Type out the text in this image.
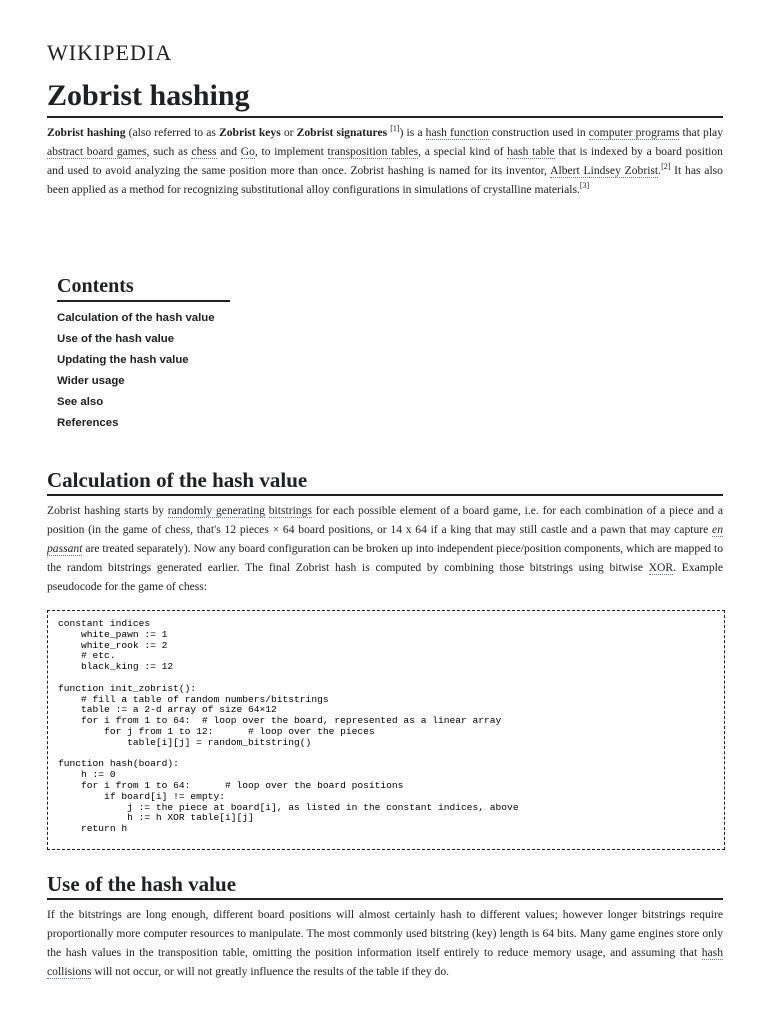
WIKIPEDIA
Zobrist hashing

Zobrist hashing (also referred to as Zobrist keys or Zobrist signatures [1]) is a hash function construction used in computer programs that play abstract board games, such as chess and Go, to implement transposition tables, a special kind of hash table that is indexed by a board position and used to avoid analyzing the same position more than once. Zobrist hashing is named for its inventor, Albert Lindsey Zobrist.[2] It has also been applied as a method for recognizing substitutional alloy configurations in simulations of crystalline materials.[3]

Contents
Calculation of the hash value
Use of the hash value
Updating the hash value
Wider usage
See also
References
Calculation of the hash value

Zobrist hashing starts by randomly generating bitstrings for each possible element of a board game, i.e. for each combination of a piece and a position (in the game of chess, that's 12 pieces × 64 board positions, or 14 x 64 if a king that may still castle and a pawn that may capture en passant are treated separately). Now any board configuration can be broken up into independent piece/position components, which are mapped to the random bitstrings generated earlier. The final Zobrist hash is computed by combining those bitstrings using bitwise XOR. Example pseudocode for the game of chess:

constant indices
white_pawn := 1
white_rook := 2
# etc.
black_king := 12

function init_zobrist():
# fill a table of random numbers/bitstrings
table := a 2-d array of size 64×12
for i from 1 to 64:  # loop over the board, represented as a linear array
for j from 1 to 12:      # loop over the pieces
table[i][j] = random_bitstring()

function hash(board):
h := 0
for i from 1 to 64:      # loop over the board positions
if board[i] != empty:
j := the piece at board[i], as listed in the constant indices, above
h := h XOR table[i][j]
return h
Use of the hash value

If the bitstrings are long enough, different board positions will almost certainly hash to different values; however longer bitstrings require proportionally more computer resources to manipulate. The most commonly used bitstring (key) length is 64 bits. Many game engines store only the hash values in the transposition table, omitting the position information itself entirely to reduce memory usage, and assuming that hash collisions will not occur, or will not greatly influence the results of the table if they do.
